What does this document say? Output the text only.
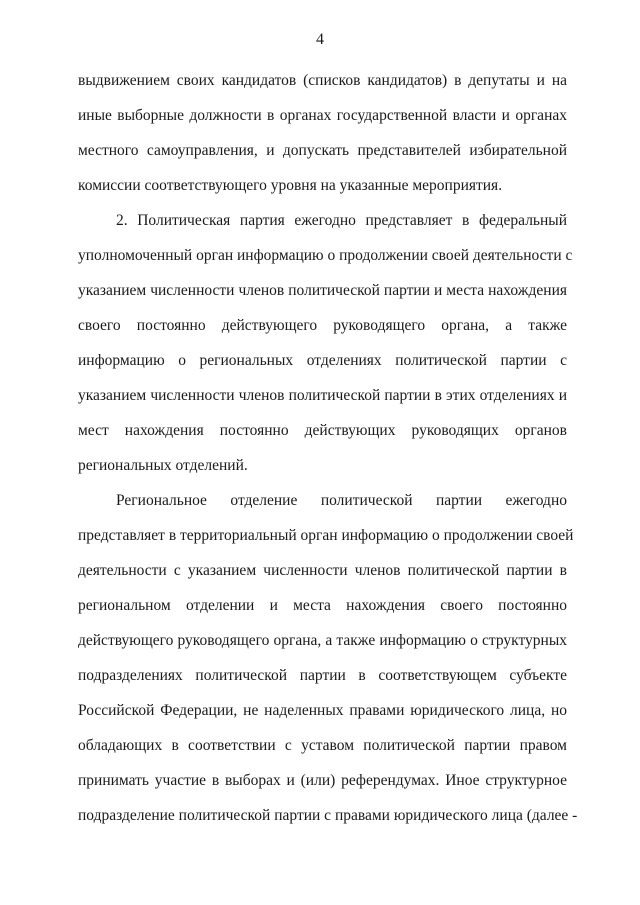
4
выдвижением своих кандидатов (списков кандидатов) в депутаты и на
иные выборные должности в органах государственной власти и органах
местного самоуправления, и допускать представителей избирательной
комиссии соответствующего уровня на указанные мероприятия.
2. Политическая партия ежегодно представляет в федеральный
уполномоченный орган информацию о продолжении своей деятельности с
указанием численности членов политической партии и места нахождения
своего постоянно действующего руководящего органа, а также
информацию о региональных отделениях политической партии с
указанием численности членов политической партии в этих отделениях и
мест нахождения постоянно действующих руководящих органов
региональных отделений.
Региональное отделение политической партии ежегодно
представляет в территориальный орган информацию о продолжении своей
деятельности с указанием численности членов политической партии в
региональном отделении и места нахождения своего постоянно
действующего руководящего органа, а также информацию о структурных
подразделениях политической партии в соответствующем субъекте
Российской Федерации, не наделенных правами юридического лица, но
обладающих в соответствии с уставом политической партии правом
принимать участие в выборах и (или) референдумах. Иное структурное
подразделение политической партии с правами юридического лица (далее -
